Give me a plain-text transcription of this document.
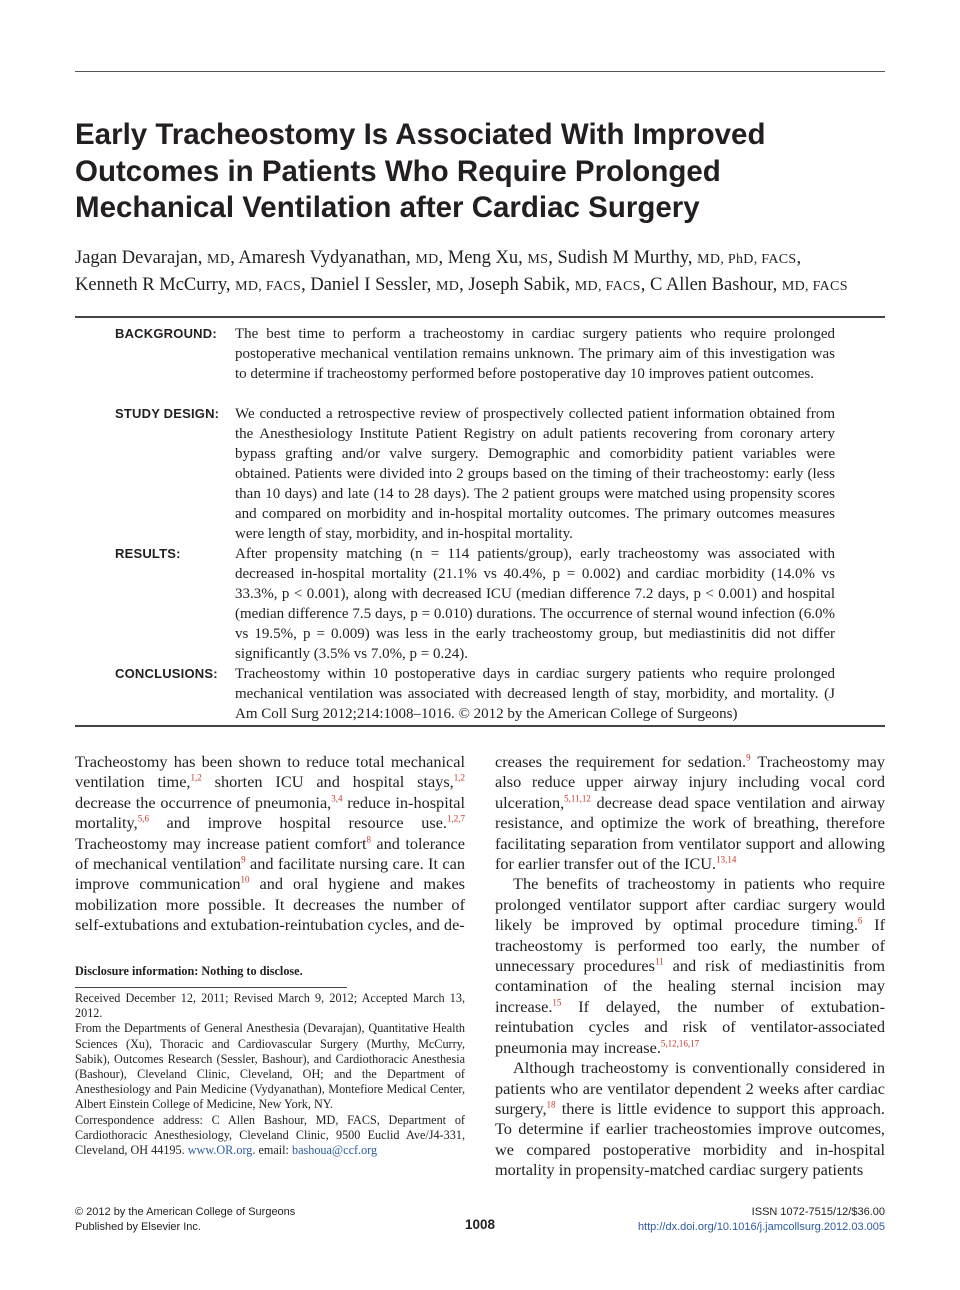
Early Tracheostomy Is Associated With Improved Outcomes in Patients Who Require Prolonged Mechanical Ventilation after Cardiac Surgery

Jagan Devarajan, MD, Amaresh Vydyanathan, MD, Meng Xu, MS, Sudish M Murthy, MD, PhD, FACS,
Kenneth R McCurry, MD, FACS, Daniel I Sessler, MD, Joseph Sabik, MD, FACS, C Allen Bashour, MD, FACS

BACKGROUND: The best time to perform a tracheostomy in cardiac surgery patients who require prolonged postoperative mechanical ventilation remains unknown. The primary aim of this investigation was to determine if tracheostomy performed before postoperative day 10 improves patient outcomes.

STUDY DESIGN: We conducted a retrospective review of prospectively collected patient information obtained from the Anesthesiology Institute Patient Registry on adult patients recovering from coronary artery bypass grafting and/or valve surgery. Demographic and comorbidity patient variables were obtained. Patients were divided into 2 groups based on the timing of their tracheostomy: early (less than 10 days) and late (14 to 28 days). The 2 patient groups were matched using propensity scores and compared on morbidity and in-hospital mortality outcomes. The primary outcomes measures were length of stay, morbidity, and in-hospital mortality.

RESULTS:	After propensity matching (n = 114 patients/group), early tracheostomy was associated with decreased in-hospital mortality (21.1% vs 40.4%, p = 0.002) and cardiac morbidity (14.0% vs 33.3%, p < 0.001), along with decreased ICU (median difference 7.2 days, p < 0.001) and hospital (median difference 7.5 days, p = 0.010) durations. The occurrence of sternal wound infection (6.0% vs 19.5%, p = 0.009) was less in the early tracheostomy group, but mediastinitis did not differ significantly (3.5% vs 7.0%, p = 0.24).

CONCLUSIONS: Tracheostomy within 10 postoperative days in cardiac surgery patients who require prolonged mechanical ventilation was associated with decreased length of stay, morbidity, and mortality. (J Am Coll Surg 2012;214:1008–1016. © 2012 by the American College of Surgeons)

Tracheostomy has been shown to reduce total mechanical ventilation time,$^{1,2}$ shorten ICU and hospital stays,$^{1,2}$ decrease the occurrence of pneumonia,$^{3,4}$ reduce in-hospital mortality,$^{5,6}$ and improve hospital resource use.$^{1,2,7}$ Tracheostomy may increase patient comfort$^8$ and tolerance of mechanical ventilation$^9$ and facilitate nursing care. It can improve communication$^{10}$ and oral hygiene and makes mobilization more possible. It decreases the number of self-extubations and extubation-reintubation cycles, and de-

Disclosure information: Nothing to disclose.

Received December 12, 2011; Revised March 9, 2012; Accepted March 13, 2012.

From the Departments of General Anesthesia (Devarajan), Quantitative Health Sciences (Xu), Thoracic and Cardiovascular Surgery (Murthy, McCurry, Sabik), Outcomes Research (Sessler, Bashour), and Cardiothoracic Anesthesia (Bashour), Cleveland Clinic, Cleveland, OH; and the Department of Anesthesiology and Pain Medicine (Vydyanathan), Montefiore Medical Center, Albert Einstein College of Medicine, New York, NY.

Correspondence address: C Allen Bashour, MD, FACS, Department of Cardiothoracic Anesthesiology, Cleveland Clinic, 9500 Euclid Ave/J4-331, Cleveland, OH 44195. www.OR.org. email: bashoua@ccf.org

creases the requirement for sedation.$^9$ Tracheostomy may also reduce upper airway injury including vocal cord ulceration,$^{5,11,12}$ decrease dead space ventilation and airway resistance, and optimize the work of breathing, therefore facilitating separation from ventilator support and allowing for earlier transfer out of the ICU.$^{13,14}$

The benefits of tracheostomy in patients who require prolonged ventilator support after cardiac surgery would likely be improved by optimal procedure timing.$^6$ If tracheostomy is performed too early, the number of unnecessary procedures$^{11}$ and risk of mediastinitis from contamination of the healing sternal incision may increase.$^{15}$ If delayed, the number of extubation-reintubation cycles and risk of ventilator-associated pneumonia may increase.$^{5,12,16,17}$

Although tracheostomy is conventionally considered in patients who are ventilator dependent 2 weeks after cardiac surgery,$^{18}$ there is little evidence to support this approach. To determine if earlier tracheostomies improve outcomes, we compared postoperative morbidity and in-hospital mortality in propensity-matched cardiac surgery patients

© 2012 by the American College of Surgeons
Published by Elsevier Inc.	1008
ISSN 1072-7515/12/$36.00
http://dx.doi.org/10.1016/j.jamcollsurg.2012.03.005
